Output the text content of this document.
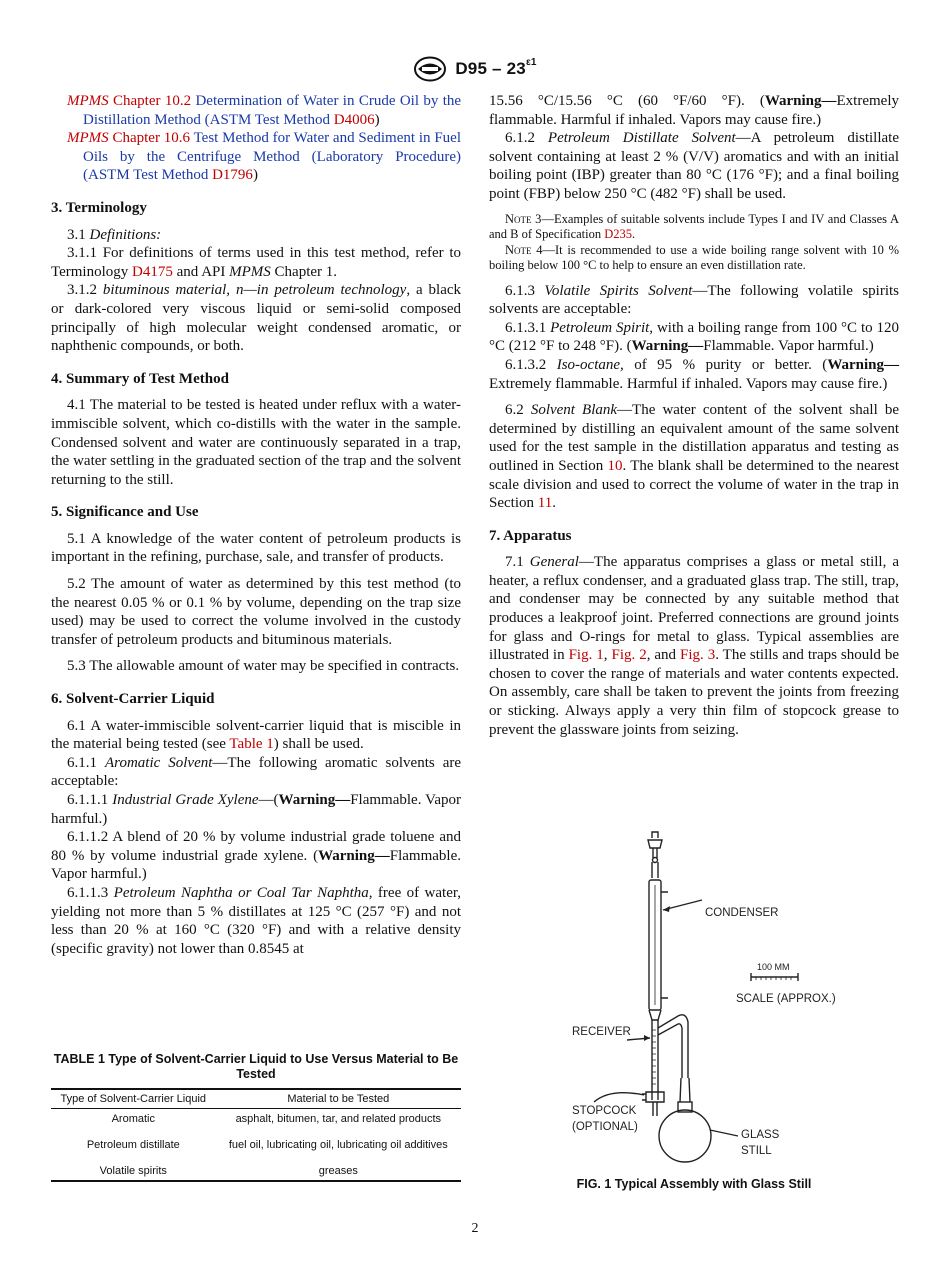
$D95 - 23^{\varepsilon 1}$

MPMS Chapter 10.2 Determination of Water in Crude Oil by the Distillation Method (ASTM Test Method D4006)

MPMS Chapter 10.6 Test Method for Water and Sediment in Fuel Oils by the Centrifuge Method (Laboratory Procedure) (ASTM Test Method D1796)

3. Terminology

3.1 Definitions:

3.1.1 For definitions of terms used in this test method, refer to Terminology D4175 and API MPMS Chapter 1.

3.1.2 bituminous material, n—in petroleum technology, a black or dark-colored very viscous liquid or semi-solid composed principally of high molecular weight condensed aromatic, or naphthenic compounds, or both.

4. Summary of Test Method

4.1 The material to be tested is heated under reflux with a water-immiscible solvent, which co-distills with the water in the sample. Condensed solvent and water are continuously separated in a trap, the water settling in the graduated section of the trap and the solvent returning to the still.

5. Significance and Use

5.1 A knowledge of the water content of petroleum products is important in the refining, purchase, sale, and transfer of products.

5.2 The amount of water as determined by this test method (to the nearest 0.05 % or 0.1 % by volume, depending on the trap size used) may be used to correct the volume involved in the custody transfer of petroleum products and bituminous materials.

5.3 The allowable amount of water may be specified in contracts.

6. Solvent-Carrier Liquid

6.1 A water-immiscible solvent-carrier liquid that is miscible in the material being tested (see Table 1) shall be used.

6.1.1 Aromatic Solvent—The following aromatic solvents are acceptable:

6.1.1.1 Industrial Grade Xylene—(Warning—Flammable. Vapor harmful.)

6.1.1.2 A blend of 20 % by volume industrial grade toluene and 80 % by volume industrial grade xylene. (Warning—Flammable. Vapor harmful.)

6.1.1.3 Petroleum Naphtha or Coal Tar Naphtha, free of water, yielding not more than 5 % distillates at 125 °C (257 °F) and not less than 20 % at 160 °C (320 °F) and with a relative density (specific gravity) not lower than 0.8545 at

TABLE 1 Type of Solvent-Carrier Liquid to Use Versus Material to Be Tested
Type of Solvent-Carrier Liquid	Material to be Tested
Aromatic	asphalt, bitumen, tar, and related products
Petroleum distillate	fuel oil, lubricating oil, lubricating oil additives
Volatile spirits	greases

15.56 °C/15.56 °C (60 °F/60 °F). (Warning—Extremely flammable. Harmful if inhaled. Vapors may cause fire.)

6.1.2 Petroleum Distillate Solvent—A petroleum distillate solvent containing at least 2 % (V/V) aromatics and with an initial boiling point (IBP) greater than 80 °C (176 °F); and a final boiling point (FBP) below 250 °C (482 °F) shall be used.

Note 3—Examples of suitable solvents include Types I and IV and Classes A and B of Specification D235.

Note 4—It is recommended to use a wide boiling range solvent with 10 % boiling below 100 °C to help to ensure an even distillation rate.

6.1.3 Volatile Spirits Solvent—The following volatile spirits solvents are acceptable:

6.1.3.1 Petroleum Spirit, with a boiling range from 100 °C to 120 °C (212 °F to 248 °F). (Warning—Flammable. Vapor harmful.)

6.1.3.2 Iso-octane, of 95 % purity or better. (Warning—Extremely flammable. Harmful if inhaled. Vapors may cause fire.)

6.2 Solvent Blank—The water content of the solvent shall be determined by distilling an equivalent amount of the same solvent used for the test sample in the distillation apparatus and testing as outlined in Section 10. The blank shall be determined to the nearest scale division and used to correct the volume of water in the trap in Section 11.

7. Apparatus

7.1 General—The apparatus comprises a glass or metal still, a heater, a reflux condenser, and a graduated glass trap. The still, trap, and condenser may be connected by any suitable method that produces a leakproof joint. Preferred connections are ground joints for glass and O-rings for metal to glass. Typical assemblies are illustrated in Fig. 1, Fig. 2, and Fig. 3. The stills and traps should be chosen to cover the range of materials and water contents expected. On assembly, care shall be taken to prevent the joints from freezing or sticking. Always apply a very thin film of stopcock grease to prevent the glassware joints from seizing.

CONDENSER
100 MM
SCALE (APPROX.)
RECEIVER
STOPCOCK
(OPTIONAL)
GLASS
STILL
FIG. 1 Typical Assembly with Glass Still
2
